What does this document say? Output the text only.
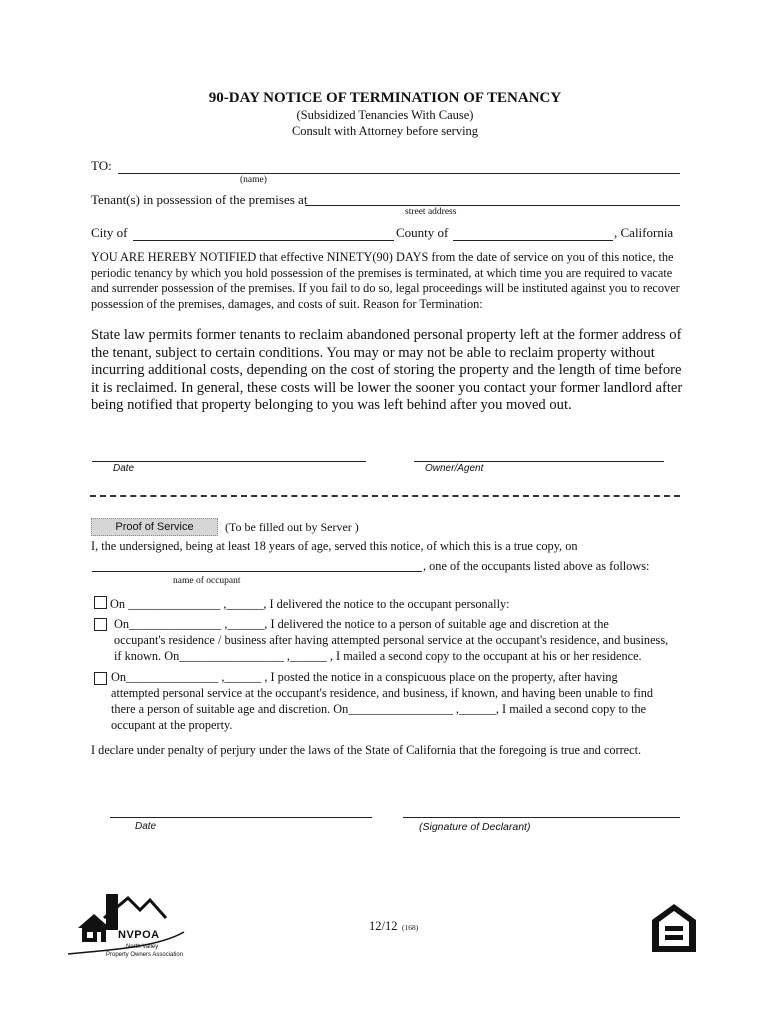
90-DAY NOTICE OF TERMINATION OF TENANCY
(Subsidized Tenancies With Cause)
Consult with Attorney before serving
TO:
(name)
Tenant(s) in possession of the premises at
street address
City of	County of	, California
YOU ARE HEREBY NOTIFIED that effective NINETY(90) DAYS from the date of service on you of this notice, the periodic tenancy by which you hold possession of the premises is terminated, at which time you are required to vacate and surrender possession of the premises. If you fail to do so, legal proceedings will be instituted against you to recover possession of the premises, damages, and costs of suit. Reason for Termination:
State law permits former tenants to reclaim abandoned personal property left at the former address of the tenant, subject to certain conditions. You may or may not be able to reclaim property without incurring additional costs, depending on the cost of storing the property and the length of time before it is reclaimed. In general, these costs will be lower the sooner you contact your former landlord after being notified that property belonging to you was left behind after you moved out.
Date	Owner/Agent
Proof of Service	(To be filled out by Server )
I, the undersigned, being at least 18 years of age, served this notice, of which this is a true copy, on
, one of the occupants listed above as follows:
name of occupant
On _______________ ,______, I delivered the notice to the occupant personally:
On_______________ ,______, I delivered the notice to a person of suitable age and discretion at the
occupant's residence / business after having attempted personal service at the occupant's residence, and business,
if known. On_________________ ,______ , I mailed a second copy to the occupant at his or her residence.
On_______________ ,______ , I posted the notice in a conspicuous place on the property, after having
attempted personal service at the occupant's residence, and business, if known, and having been unable to find
there a person of suitable age and discretion. On_________________ ,______, I mailed a second copy to the
occupant at the property.
I declare under penalty of perjury under the laws of the State of California that the foregoing is true and correct.
Date	(Signature of Declarant)
NVPOA
North Valley
Property Owners Association
12/12 (168)
